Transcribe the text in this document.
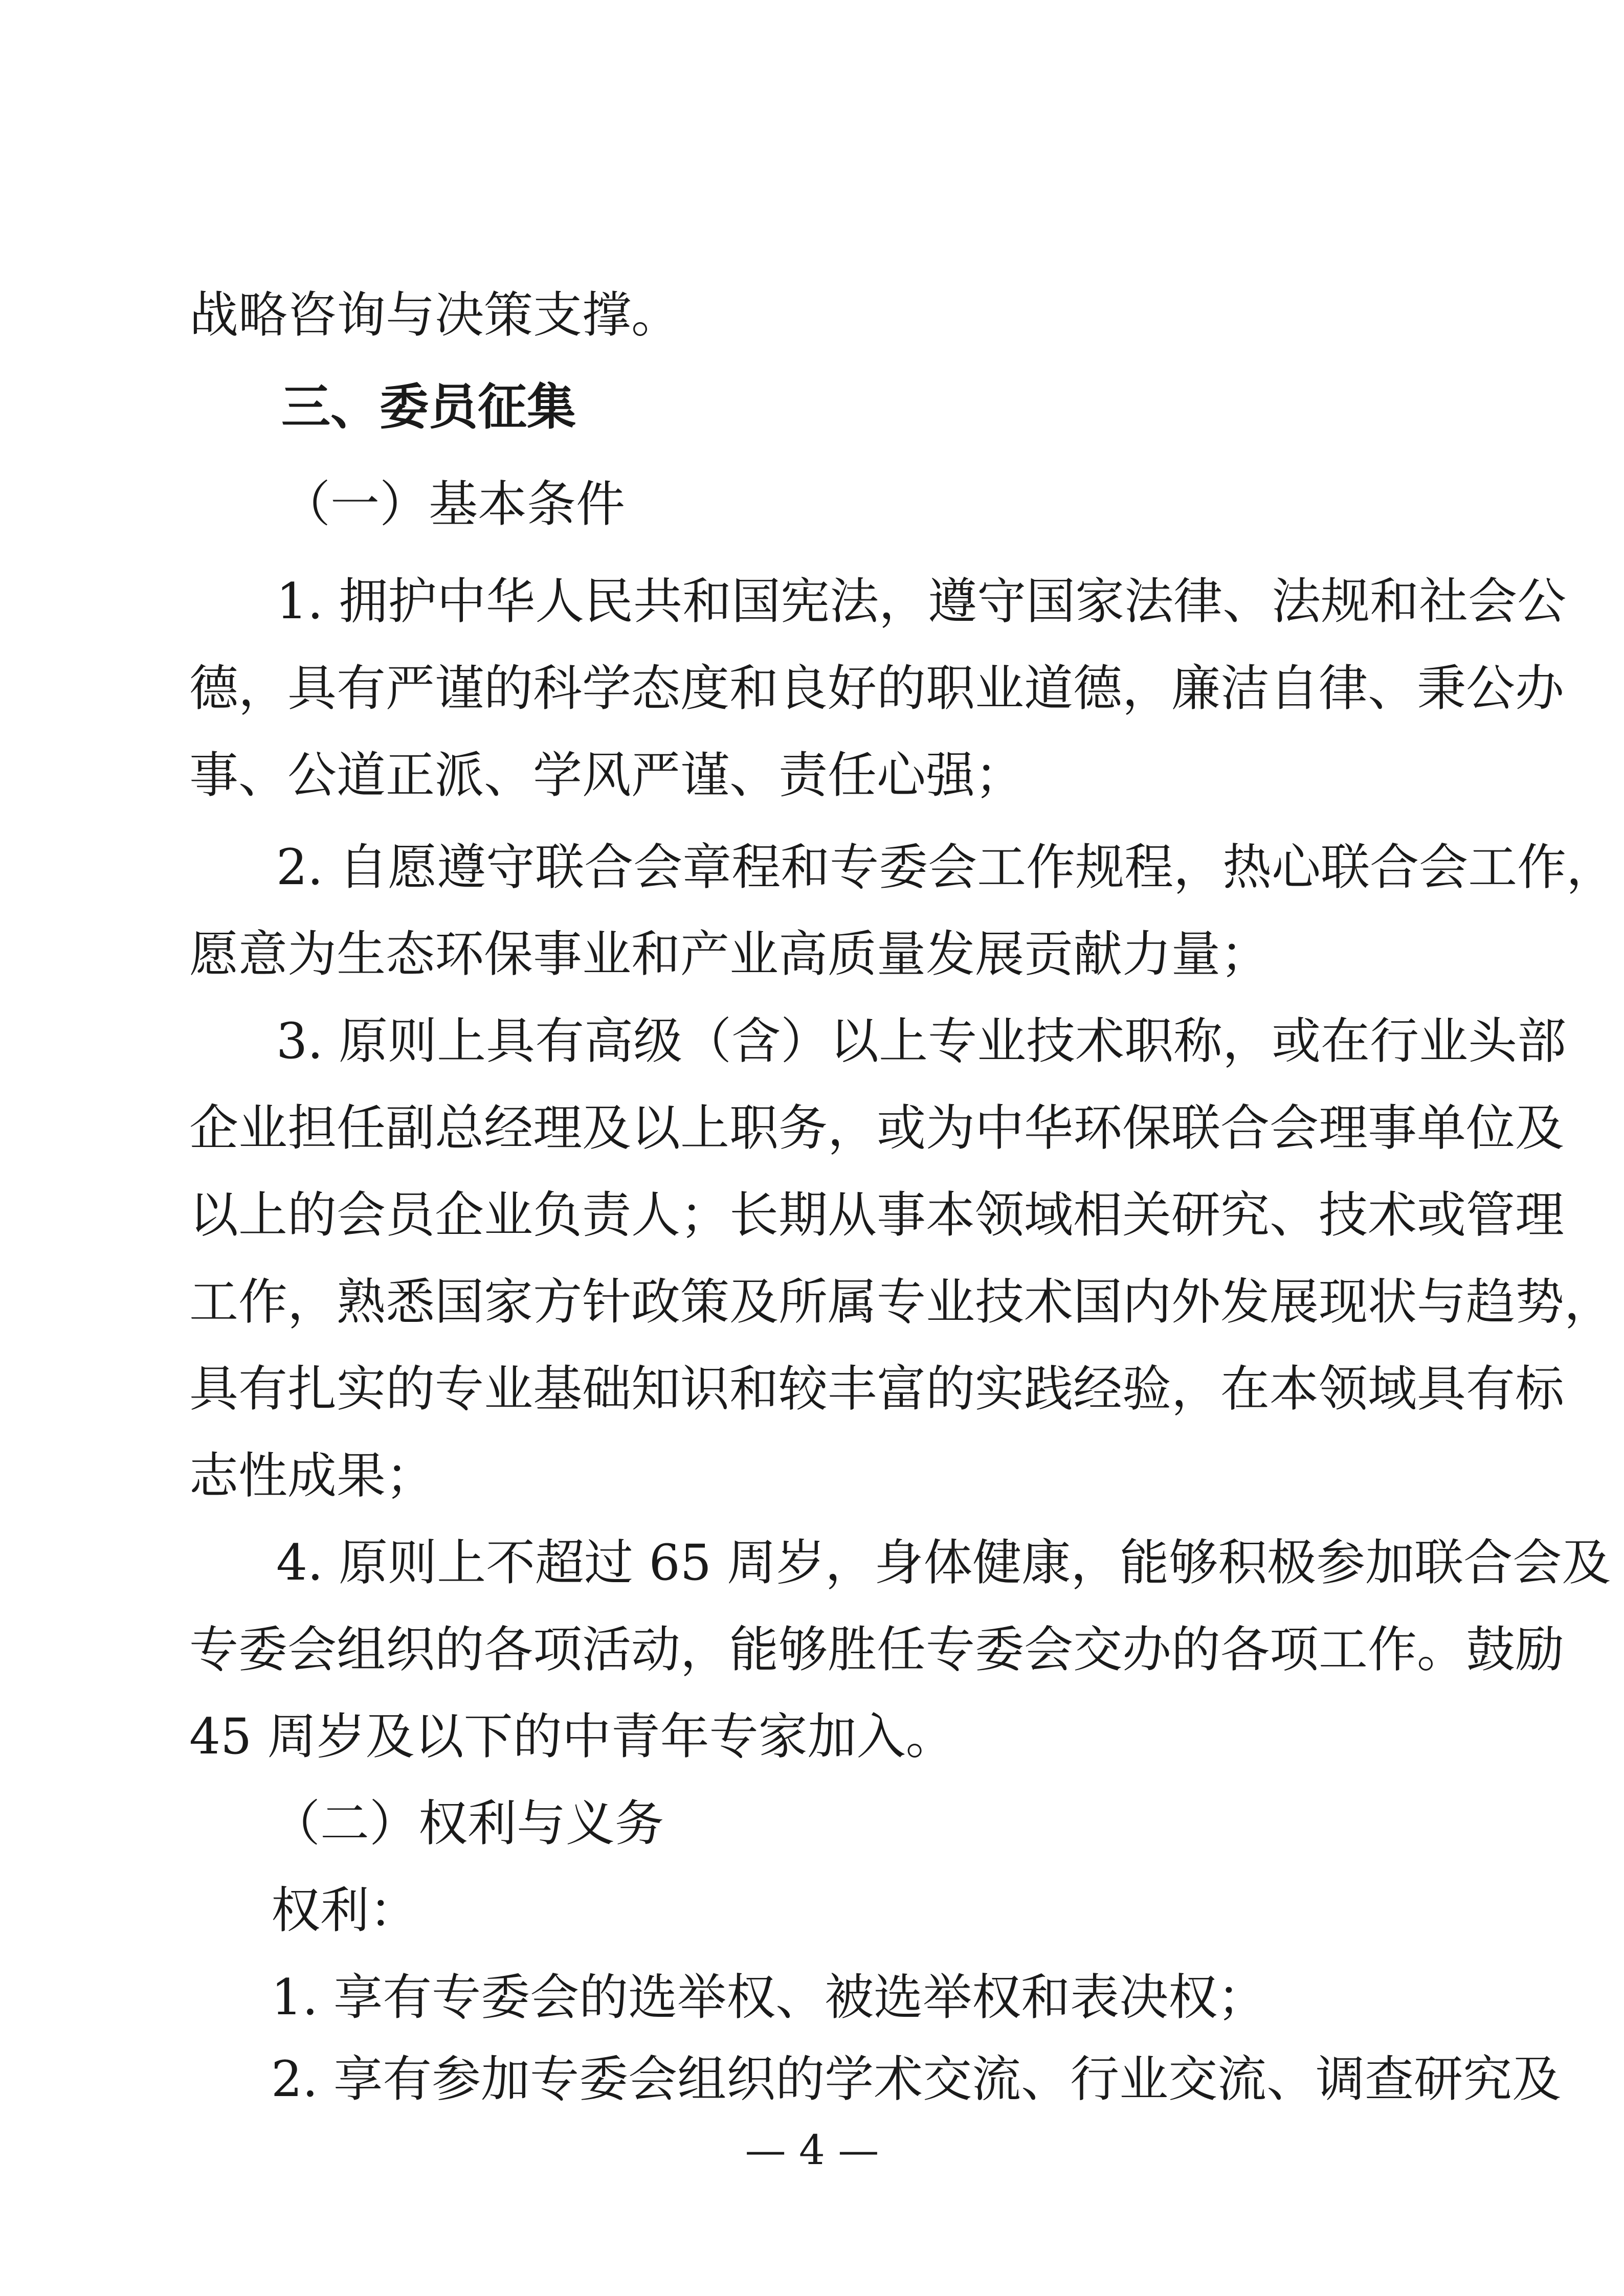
战略咨询与决策支撑。
三、委员征集
（一）基本条件
1. 拥护中华人民共和国宪法，遵守国家法律、法规和社会公
德，具有严谨的科学态度和良好的职业道德，廉洁自律、秉公办
事、公道正派、学风严谨、责任心强；
2. 自愿遵守联合会章程和专委会工作规程，热心联合会工作，
愿意为生态环保事业和产业高质量发展贡献力量；
3. 原则上具有高级（含）以上专业技术职称，或在行业头部
企业担任副总经理及以上职务，或为中华环保联合会理事单位及
以上的会员企业负责人；长期从事本领域相关研究、技术或管理
工作，熟悉国家方针政策及所属专业技术国内外发展现状与趋势，
具有扎实的专业基础知识和较丰富的实践经验，在本领域具有标
志性成果；
4. 原则上不超过 65 周岁，身体健康，能够积极参加联合会及
专委会组织的各项活动，能够胜任专委会交办的各项工作。鼓励
45 周岁及以下的中青年专家加入。
（二）权利与义务
权利：
1. 享有专委会的选举权、被选举权和表决权；
2. 享有参加专委会组织的学术交流、行业交流、调查研究及
— 4 —
